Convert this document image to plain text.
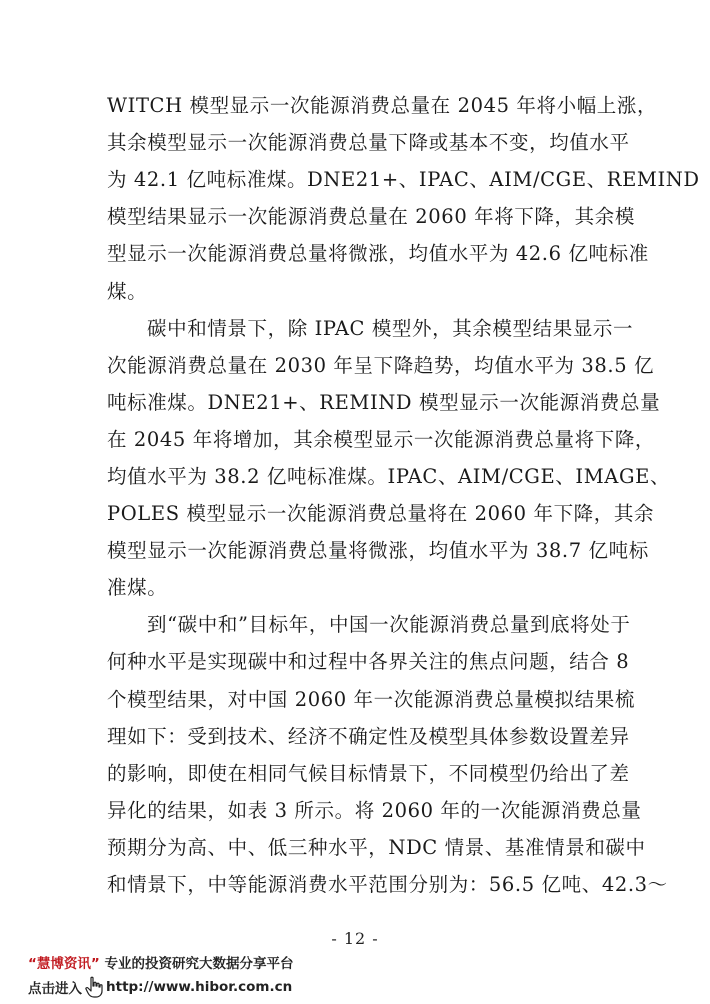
WITCH 模型显示一次能源消费总量在 2045 年将小幅上涨，
其余模型显示一次能源消费总量下降或基本不变，均值水平
为 42.1 亿吨标准煤。DNE21+、IPAC、AIM/CGE、REMIND
模型结果显示一次能源消费总量在 2060 年将下降，其余模
型显示一次能源消费总量将微涨，均值水平为 42.6 亿吨标准
煤。
碳中和情景下，除 IPAC 模型外，其余模型结果显示一
次能源消费总量在 2030 年呈下降趋势，均值水平为 38.5 亿
吨标准煤。DNE21+、REMIND 模型显示一次能源消费总量
在 2045 年将增加，其余模型显示一次能源消费总量将下降，
均值水平为 38.2 亿吨标准煤。IPAC、AIM/CGE、IMAGE、
POLES 模型显示一次能源消费总量将在 2060 年下降，其余
模型显示一次能源消费总量将微涨，均值水平为 38.7 亿吨标
准煤。
到“碳中和”目标年，中国一次能源消费总量到底将处于
何种水平是实现碳中和过程中各界关注的焦点问题，结合 8
个模型结果，对中国 2060 年一次能源消费总量模拟结果梳
理如下：受到技术、经济不确定性及模型具体参数设置差异
的影响，即使在相同气候目标情景下，不同模型仍给出了差
异化的结果，如表 3 所示。将 2060 年的一次能源消费总量
预期分为高、中、低三种水平，NDC 情景、基准情景和碳中
和情景下，中等能源消费水平范围分别为：56.5 亿吨、42.3～
- 12 -
“慧博资讯” 专业的投资研究大数据分享平台
点击进入 http://www.hibor.com.cn
